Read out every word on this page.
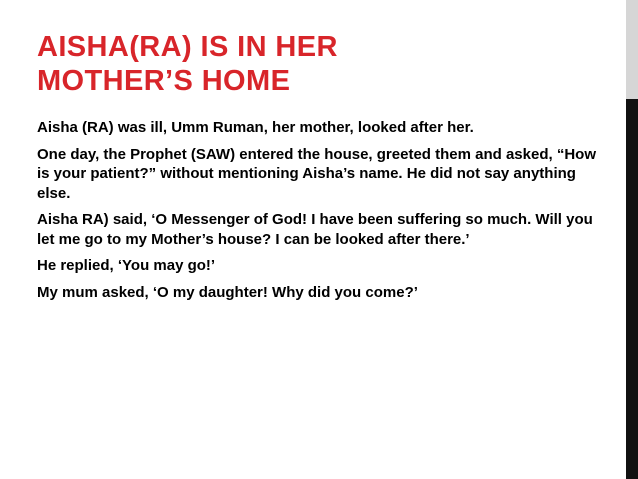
AISHA(RA) IS IN HER
MOTHER’S HOME

Aisha (RA) was ill, Umm Ruman, her mother, looked after her.

One day, the Prophet (SAW) entered the house, greeted them and asked, “How is your patient?” without mentioning Aisha’s name. He did not say anything else.

Aisha RA) said, ‘O Messenger of God! I have been suffering so much. Will you let me go to my Mother’s house? I can be looked after there.’

He replied, ‘You may go!’

My mum asked, ‘O my daughter! Why did you come?’
